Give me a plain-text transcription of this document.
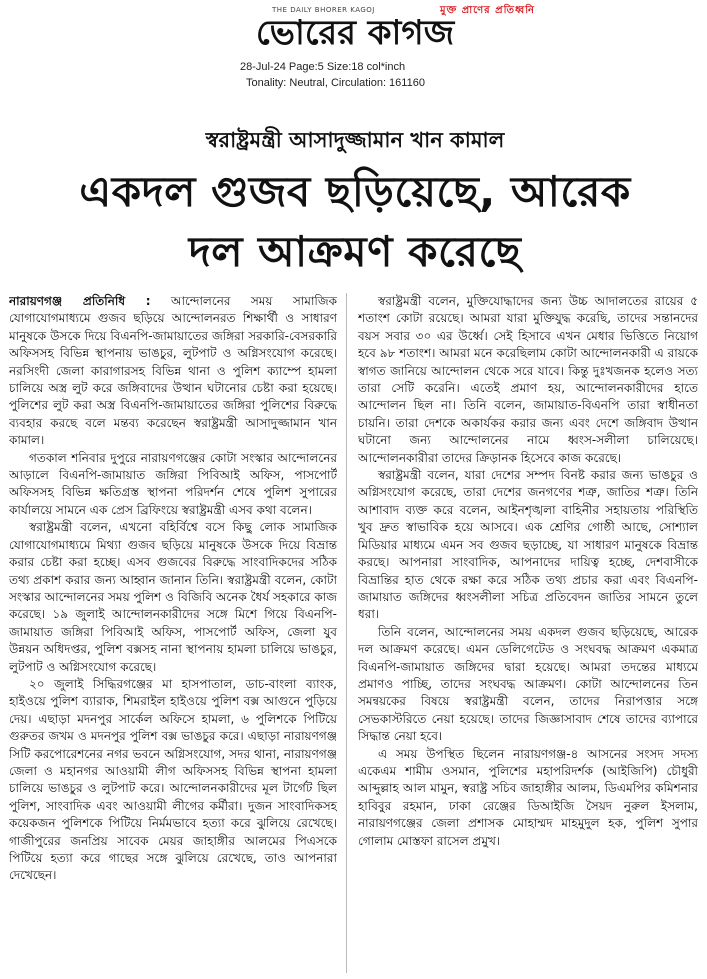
মুক্ত প্রাণের প্রতিধ্বনি
THE DAILY BHORER KAGOJ
ভোরের কাগজ
28-Jul-24 Page:5 Size:18 col*inch
Tonality: Neutral, Circulation: 161160
স্বরাষ্ট্রমন্ত্রী আসাদুজ্জামান খান কামাল
একদল গুজব ছড়িয়েছে, আরেক
দল আক্রমণ করেছে

নারায়ণগঞ্জ প্রতিনিধি : আন্দোলনের সময় সামাজিক যোগাযোগমাধ্যমে গুজব ছড়িয়ে আন্দোলনরত শিক্ষার্থী ও সাধারণ মানুষকে উসকে দিয়ে বিএনপি-জামায়াতের জঙ্গিরা সরকারি-বেসরকারি অফিসসহ বিভিন্ন স্থাপনায় ভাঙচুর, লুটপাট ও অগ্নিসংযোগ করেছে। নরসিংদী জেলা কারাগারসহ বিভিন্ন থানা ও পুলিশ ক্যাম্পে হামলা চালিয়ে অস্ত্র লুট করে জঙ্গিবাদের উত্থান ঘটানোর চেষ্টা করা হয়েছে। পুলিশের লুট করা অস্ত্র বিএনপি-জামায়াতের জঙ্গিরা পুলিশের বিরুদ্ধে ব্যবহার করছে বলে মন্তব্য করেছেন স্বরাষ্ট্রমন্ত্রী আসাদুজ্জামান খান কামাল।

গতকাল শনিবার দুপুরে নারায়ণগঞ্জের কোটা সংস্কার আন্দোলনের আড়ালে বিএনপি-জামায়াত জঙ্গিরা পিবিআই অফিস, পাসপোর্ট অফিসসহ বিভিন্ন ক্ষতিগ্রস্ত স্থাপনা পরিদর্শন শেষে পুলিশ সুপারের কার্যালয়ে সামনে এক প্রেস ব্রিফিংয়ে স্বরাষ্ট্রমন্ত্রী এসব কথা বলেন।

স্বরাষ্ট্রমন্ত্রী বলেন, এখনো বহির্বিশ্বে বসে কিছু লোক সামাজিক যোগাযোগমাধ্যমে মিথ্যা গুজব ছড়িয়ে মানুষকে উসকে দিয়ে বিভ্রান্ত করার চেষ্টা করা হচ্ছে। এসব গুজবের বিরুদ্ধে সাংবাদিকদের সঠিক তথ্য প্রকাশ করার জন্য আহ্বান জানান তিনি। স্বরাষ্ট্রমন্ত্রী বলেন, কোটা সংস্কার আন্দোলনের সময় পুলিশ ও বিজিবি অনেক ধৈর্য সহকারে কাজ করেছে। ১৯ জুলাই আন্দোলনকারীদের সঙ্গে মিশে গিয়ে বিএনপি-জামায়াত জঙ্গিরা পিবিআই অফিস, পাসপোর্ট অফিস, জেলা যুব উন্নয়ন অধিদপ্তর, পুলিশ বক্সসহ নানা স্থাপনায় হামলা চালিয়ে ভাঙচুর, লুটপাট ও অগ্নিসংযোগ করেছে।

২০ জুলাই সিদ্ধিরগঞ্জের মা হাসপাতাল, ডাচ-বাংলা ব্যাংক, হাইওয়ে পুলিশ ব্যারাক, শিমরাইল হাইওয়ে পুলিশ বক্স আগুনে পুড়িয়ে দেয়। এছাড়া মদনপুর সার্কেল অফিসে হামলা, ৬ পুলিশকে পিটিয়ে গুরুতর জখম ও মদনপুর পুলিশ বক্স ভাঙচুর করে। এছাড়া নারায়ণগঞ্জ সিটি করপোরেশনের নগর ভবনে অগ্নিসংযোগ, সদর থানা, নারায়ণগঞ্জ জেলা ও মহানগর আওয়ামী লীগ অফিসসহ বিভিন্ন স্থাপনা হামলা চালিয়ে ভাঙচুর ও লুটপাট করে। আন্দোলনকারীদের মূল টার্গেট ছিল পুলিশ, সাংবাদিক এবং আওয়ামী লীগের কর্মীরা। দুজন সাংবাদিকসহ কয়েকজন পুলিশকে পিটিয়ে নির্মমভাবে হত্যা করে ঝুলিয়ে রেখেছে। গাজীপুরের জনপ্রিয় সাবেক মেয়র জাহাঙ্গীর আলমের পিএসকে পিটিয়ে হত্যা করে গাছের সঙ্গে ঝুলিয়ে রেখেছে, তাও আপনারা দেখেছেন।

স্বরাষ্ট্রমন্ত্রী বলেন, মুক্তিযোদ্ধাদের জন্য উচ্চ আদালতের রায়ের ৫ শতাংশ কোটা রয়েছে। আমরা যারা মুক্তিযুদ্ধ করেছি, তাদের সন্তানদের বয়স সবার ৩০ এর উর্ধ্বে। সেই হিসাবে এখন মেধার ভিত্তিতে নিয়োগ হবে ৯৮ শতাংশ। আমরা মনে করেছিলাম কোটা আন্দোলনকারী এ রায়কে স্বাগত জানিয়ে আন্দোলন থেকে সরে যাবে। কিন্তু দুঃখজনক হলেও সত্য তারা সেটি করেনি। এতেই প্রমাণ হয়, আন্দোলনকারীদের হাতে আন্দোলন ছিল না। তিনি বলেন, জামায়াত-বিএনপি তারা স্বাধীনতা চায়নি। তারা দেশকে অকার্যকর করার জন্য এবং দেশে জঙ্গিবাদ উত্থান ঘটানো জন্য আন্দোলনের নামে ধ্বংস-সলীলা চালিয়েছে। আন্দোলনকারীরা তাদের ক্রিড়ানক হিসেবে কাজ করেছে।

স্বরাষ্ট্রমন্ত্রী বলেন, যারা দেশের সম্পদ বিনষ্ট করার জন্য ভাঙচুর ও অগ্নিসংযোগ করেছে, তারা দেশের জনগণের শত্রু, জাতির শত্রু। তিনি আশাবাদ ব্যক্ত করে বলেন, আইনশৃঙ্খলা বাহিনীর সহায়তায় পরিস্থিতি খুব দ্রুত স্বাভাবিক হয়ে আসবে। এক শ্রেণির গোষ্ঠী আছে, সোশ্যাল মিডিয়ার মাধ্যমে এমন সব গুজব ছড়াচ্ছে, যা সাধারণ মানুষকে বিভ্রান্ত করছে। আপনারা সাংবাদিক, আপনাদের দায়িত্ব হচ্ছে, দেশবাসীকে বিভ্রান্তির হাত থেকে রক্ষা করে সঠিক তথ্য প্রচার করা এবং বিএনপি-জামায়াত জঙ্গিদের ধ্বংসলীলা সচিত্র প্রতিবেদন জাতির সামনে তুলে ধরা।

তিনি বলেন, আন্দোলনের সময় একদল গুজব ছড়িয়েছে, আরেক দল আক্রমণ করেছে। এমন ডেলিগেটেড ও সংঘবদ্ধ আক্রমণ একমাত্র বিএনপি-জামায়াত জঙ্গিদের দ্বারা হয়েছে। আমরা তদন্তের মাধ্যমে প্রমাণও পাচ্ছি, তাদের সংঘবদ্ধ আক্রমণ। কোটা আন্দোলনের তিন সমন্বয়কের বিষয়ে স্বরাষ্ট্রমন্ত্রী বলেন, তাদের নিরাপত্তার সঙ্গে সেভকাস্টরিতে নেয়া হয়েছে। তাদের জিজ্ঞাসাবাদ শেষে তাদের ব্যাপারে সিদ্ধান্ত নেয়া হবে।

এ সময় উপস্থিত ছিলেন নারায়ণগঞ্জ-৪ আসনের সংসদ সদস্য একেএম শামীম ওসমান, পুলিশের মহাপরিদর্শক (আইজিপি) চৌধুরী আব্দুল্লাহ আল মামুন, স্বরাষ্ট্র সচিব জাহাঙ্গীর আলম, ডিএমপির কমিশনার হাবিবুর রহমান, ঢাকা রেঞ্জের ডিআইজি সৈয়দ নুরুল ইসলাম, নারায়ণগঞ্জের জেলা প্রশাসক মোহাম্মদ মাহমুদুল হক, পুলিশ সুপার গোলাম মোস্তফা রাসেল প্রমুখ।
